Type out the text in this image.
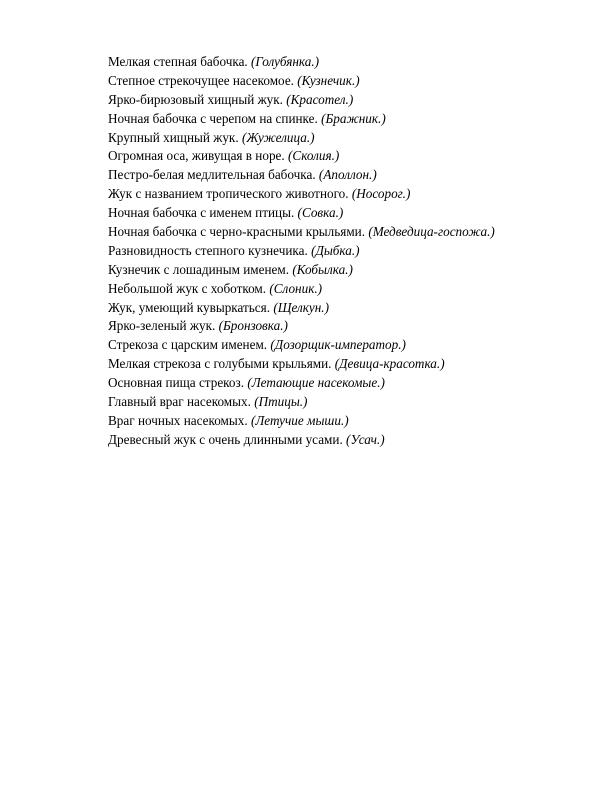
Мелкая степная бабочка. (Голубянка.)
Степное стрекочущее насекомое. (Кузнечик.)
Ярко-бирюзовый хищный жук. (Красотел.)
Ночная бабочка с черепом на спинке. (Бражник.)
Крупный хищный жук. (Жужелица.)
Огромная оса, живущая в норе. (Сколия.)
Пестро-белая медлительная бабочка. (Аполлон.)
Жук с названием тропического животного. (Носорог.)
Ночная бабочка с именем птицы. (Совка.)
Ночная бабочка с черно-красными крыльями. (Медведица-госпожа.)
Разновидность степного кузнечика. (Дыбка.)
Кузнечик с лошадиным именем. (Кобылка.)
Небольшой жук с хоботком. (Слоник.)
Жук, умеющий кувыркаться. (Щелкун.)
Ярко-зеленый жук. (Бронзовка.)
Стрекоза с царским именем. (Дозорщик-император.)
Мелкая стрекоза с голубыми крыльями. (Девица-красотка.)
Основная пища стрекоз. (Летающие насекомые.)
Главный враг насекомых. (Птицы.)
Враг ночных насекомых. (Летучие мыши.)
Древесный жук с очень длинными усами. (Усач.)
